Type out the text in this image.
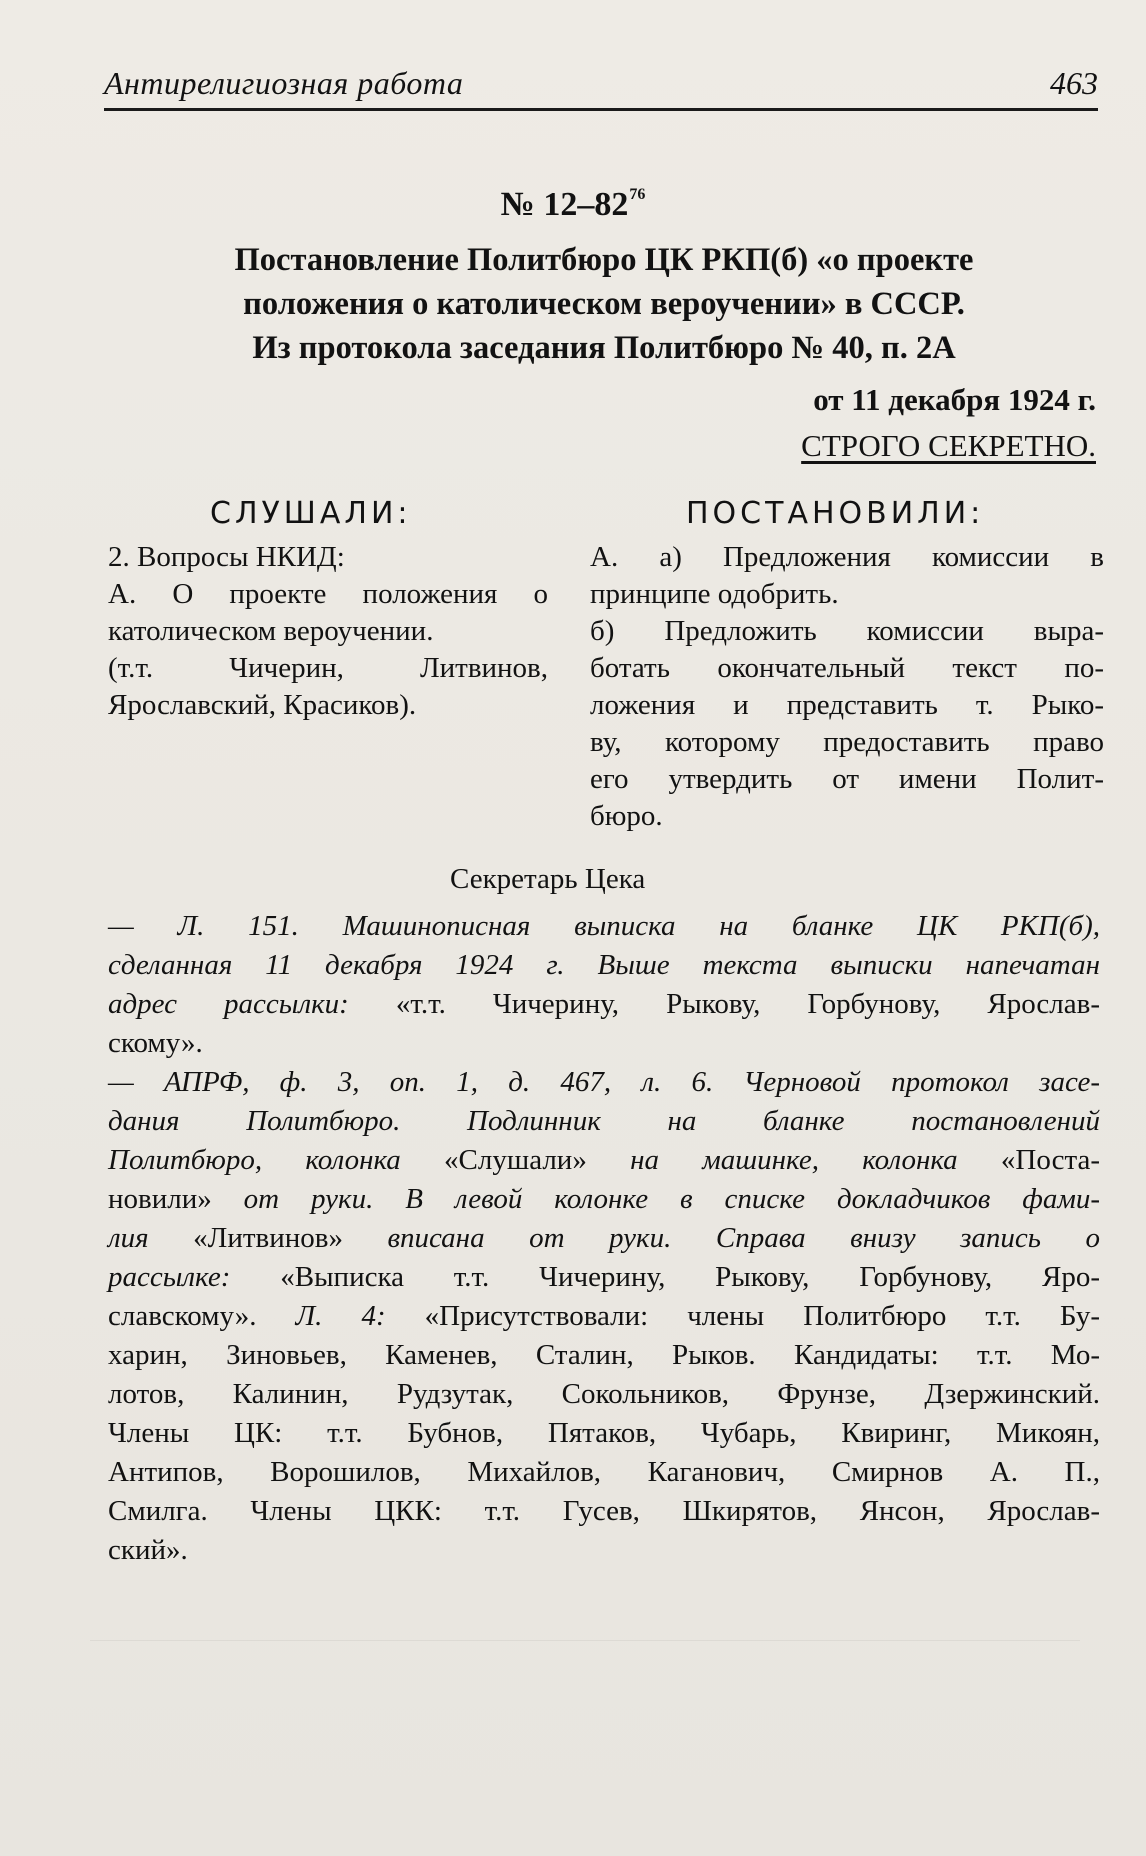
Антирелигиозная работа	463
№ $12-82^{76}$
Постановление Политбюро ЦК РКП(б) «о проекте
положения о католическом вероучении» в СССР.
Из протокола заседания Политбюро № 40, п. 2А
от 11 декабря 1924 г.
СТРОГО СЕКРЕТНО.
СЛУШАЛИ:	ПОСТАНОВИЛИ:
2. Вопросы НКИД:
А. О проекте положения о
католическом вероучении.
(т.т. Чичерин, Литвинов,
Ярославский, Красиков).
А. а) Предложения комиссии в
принципе одобрить.
б) Предложить комиссии выра-
ботать окончательный текст по-
ложения и представить т. Рыко-
ву, которому предоставить право
его утвердить от имени Полит-
бюро.
Секретарь Цека
— Л. 151. Машинописная выписка на бланке ЦК РКП(б),
сделанная 11 декабря 1924 г. Выше текста выписки напечатан
адрес рассылки: «т.т. Чичерину, Рыкову, Горбунову, Ярослав-
скому».
— АПРФ, ф. 3, оп. 1, д. 467, л. 6. Черновой протокол засе-
дания Политбюро. Подлинник на бланке постановлений
Политбюро, колонка «Слушали» на машинке, колонка «Поста-
новили» от руки. В левой колонке в списке докладчиков фами-
лия «Литвинов» вписана от руки. Справа внизу запись о
рассылке: «Выписка т.т. Чичерину, Рыкову, Горбунову, Яро-
славскому». Л. 4: «Присутствовали: члены Политбюро т.т. Бу-
харин, Зиновьев, Каменев, Сталин, Рыков. Кандидаты: т.т. Мо-
лотов, Калинин, Рудзутак, Сокольников, Фрунзе, Дзержинский.
Члены ЦК: т.т. Бубнов, Пятаков, Чубарь, Квиринг, Микоян,
Антипов, Ворошилов, Михайлов, Каганович, Смирнов А. П.,
Смилга. Члены ЦКК: т.т. Гусев, Шкирятов, Янсон, Ярослав-
ский».
